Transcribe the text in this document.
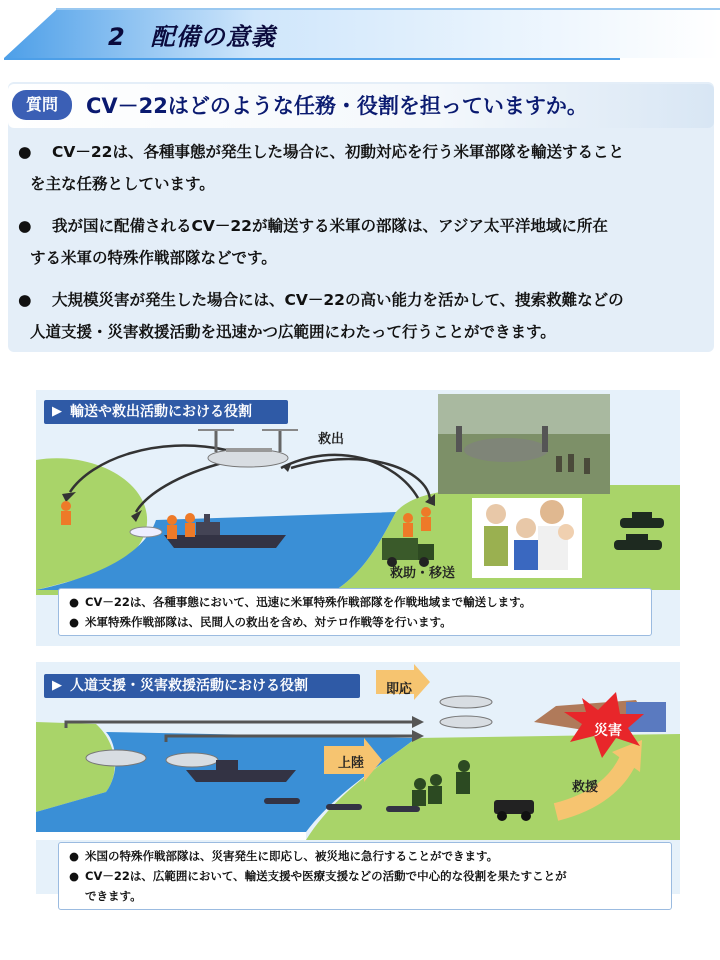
2　配備の意義
質問	CV－22はどのような任務・役割を担っていますか。
● CV－22は、各種事態が発生した場合に、初動対応を行う米軍部隊を輸送すること
を主な任務としています。
● 我が国に配備されるCV－22が輸送する米軍の部隊は、アジア太平洋地域に所在
する米軍の特殊作戦部隊などです。
● 大規模災害が発生した場合には、CV－22の高い能力を活かして、捜索救難などの
人道支援・災害救援活動を迅速かつ広範囲にわたって行うことができます。
▶ 輸送や救出活動における役割
救出
救助・移送
● CV－22は、各種事態において、迅速に米軍特殊作戦部隊を作戦地域まで輸送します。
● 米軍特殊作戦部隊は、民間人の救出を含め、対テロ作戦等を行います。
▶ 人道支援・災害救援活動における役割	即応
上陸
救援
災害
● 米国の特殊作戦部隊は、災害発生に即応し、被災地に急行することができます。
● CV－22は、広範囲において、輸送支援や医療支援などの活動で中心的な役割を果たすことが
できます。
